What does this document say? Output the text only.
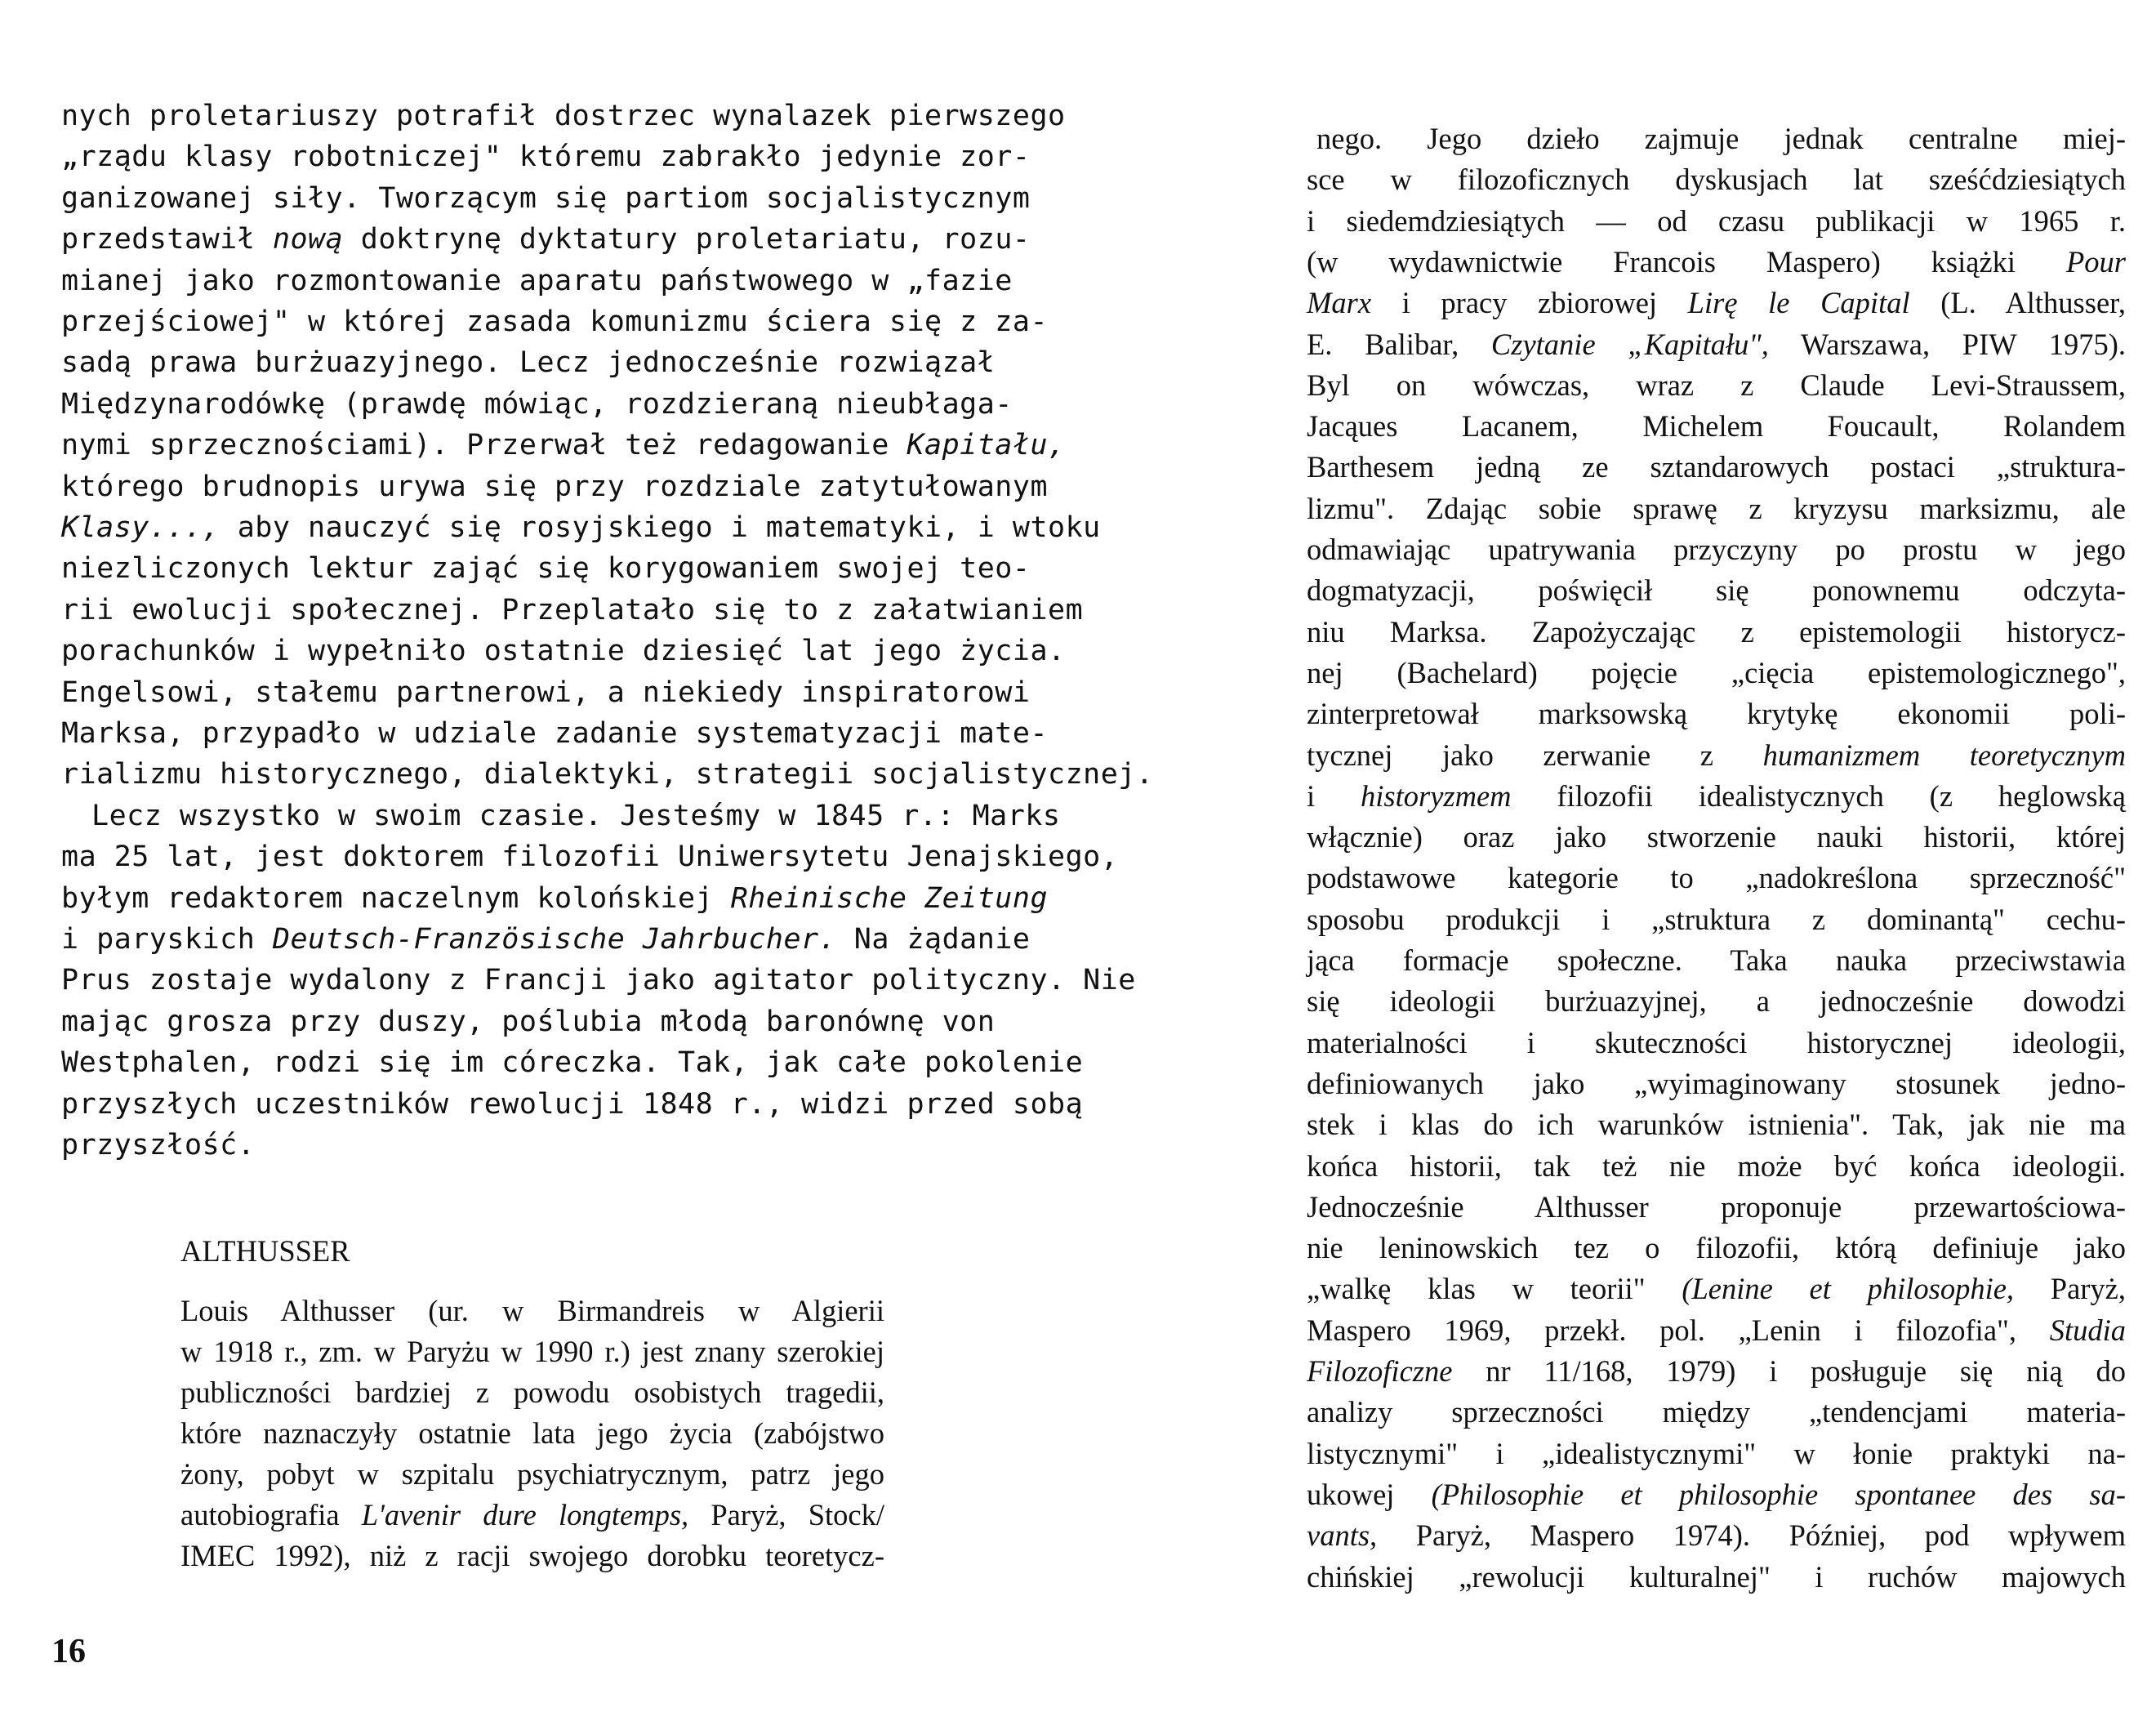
nych proletariuszy potrafił dostrzec wynalazek pierwszego
„rządu klasy robotniczej" któremu zabrakło jedynie zor-
ganizowanej siły. Tworzącym się partiom socjalistycznym
przedstawił nową doktrynę dyktatury proletariatu, rozu-
mianej jako rozmontowanie aparatu państwowego w „fazie
przejściowej" w której zasada komunizmu ściera się z za-
sadą prawa burżuazyjnego. Lecz jednocześnie rozwiązał
Międzynarodówkę (prawdę mówiąc, rozdzieraną nieubłaga-
nymi sprzecznościami). Przerwał też redagowanie Kapitału,
którego brudnopis urywa się przy rozdziale zatytułowanym
Klasy..., aby nauczyć się rosyjskiego i matematyki, i wtoku
niezliczonych lektur zająć się korygowaniem swojej teo-
rii ewolucji społecznej. Przeplatało się to z załatwianiem
porachunków i wypełniło ostatnie dziesięć lat jego życia.
Engelsowi, stałemu partnerowi, a niekiedy inspiratorowi
Marksa, przypadło w udziale zadanie systematyzacji mate-
rializmu historycznego, dialektyki, strategii socjalistycznej.
Lecz wszystko w swoim czasie. Jesteśmy w 1845 r.: Marks
ma 25 lat, jest doktorem filozofii Uniwersytetu Jenajskiego,
byłym redaktorem naczelnym kolońskiej Rheinische Zeitung
i paryskich Deutsch-Französische Jahrbucher. Na żądanie
Prus zostaje wydalony z Francji jako agitator polityczny. Nie
mając grosza przy duszy, poślubia młodą baronównę von
Westphalen, rodzi się im córeczka. Tak, jak całe pokolenie
przyszłych uczestników rewolucji 1848 r., widzi przed sobą
przyszłość.
ALTHUSSER
Louis Althusser (ur. w Birmandreis w Algierii
w 1918 r., zm. w Paryżu w 1990 r.) jest znany szerokiej
publiczności bardziej z powodu osobistych tragedii,
które naznaczyły ostatnie lata jego życia (zabójstwo
żony, pobyt w szpitalu psychiatrycznym, patrz jego
autobiografia L'avenir dure longtemps, Paryż, Stock/
IMEC 1992), niż z racji swojego dorobku teoretycz-
16
nego. Jego dzieło zajmuje jednak centralne miej-
sce w filozoficznych dyskusjach lat sześćdziesiątych
i siedemdziesiątych — od czasu publikacji w 1965 r.
(w wydawnictwie Francois Maspero) książki Pour
Marx i pracy zbiorowej Lirę le Capital (L. Althusser,
E. Balibar, Czytanie „Kapitału", Warszawa, PIW 1975).
Byl on wówczas, wraz z Claude Levi-Straussem,
Jacąues Lacanem, Michelem Foucault, Rolandem
Barthesem jedną ze sztandarowych postaci „struktura-
lizmu". Zdając sobie sprawę z kryzysu marksizmu, ale
odmawiając upatrywania przyczyny po prostu w jego
dogmatyzacji, poświęcił się ponownemu odczyta-
niu Marksa. Zapożyczając z epistemologii historycz-
nej (Bachelard) pojęcie „cięcia epistemologicznego",
zinterpretował marksowską krytykę ekonomii poli-
tycznej jako zerwanie z humanizmem teoretycznym
i historyzmem filozofii idealistycznych (z heglowską
włącznie) oraz jako stworzenie nauki historii, której
podstawowe kategorie to „nadokreślona sprzeczność"
sposobu produkcji i „struktura z dominantą" cechu-
jąca formacje społeczne. Taka nauka przeciwstawia
się ideologii burżuazyjnej, a jednocześnie dowodzi
materialności i skuteczności historycznej ideologii,
definiowanych jako „wyimaginowany stosunek jedno-
stek i klas do ich warunków istnienia". Tak, jak nie ma
końca historii, tak też nie może być końca ideologii.
Jednocześnie Althusser proponuje przewartościowa-
nie leninowskich tez o filozofii, którą definiuje jako
„walkę klas w teorii" (Lenine et philosophie, Paryż,
Maspero 1969, przekł. pol. „Lenin i filozofia", Studia
Filozoficzne nr 11/168, 1979) i posługuje się nią do
analizy sprzeczności między „tendencjami materia-
listycznymi" i „idealistycznymi" w łonie praktyki na-
ukowej (Philosophie et philosophie spontanee des sa-
vants, Paryż, Maspero 1974). Później, pod wpływem
chińskiej „rewolucji kulturalnej" i ruchów majowych
